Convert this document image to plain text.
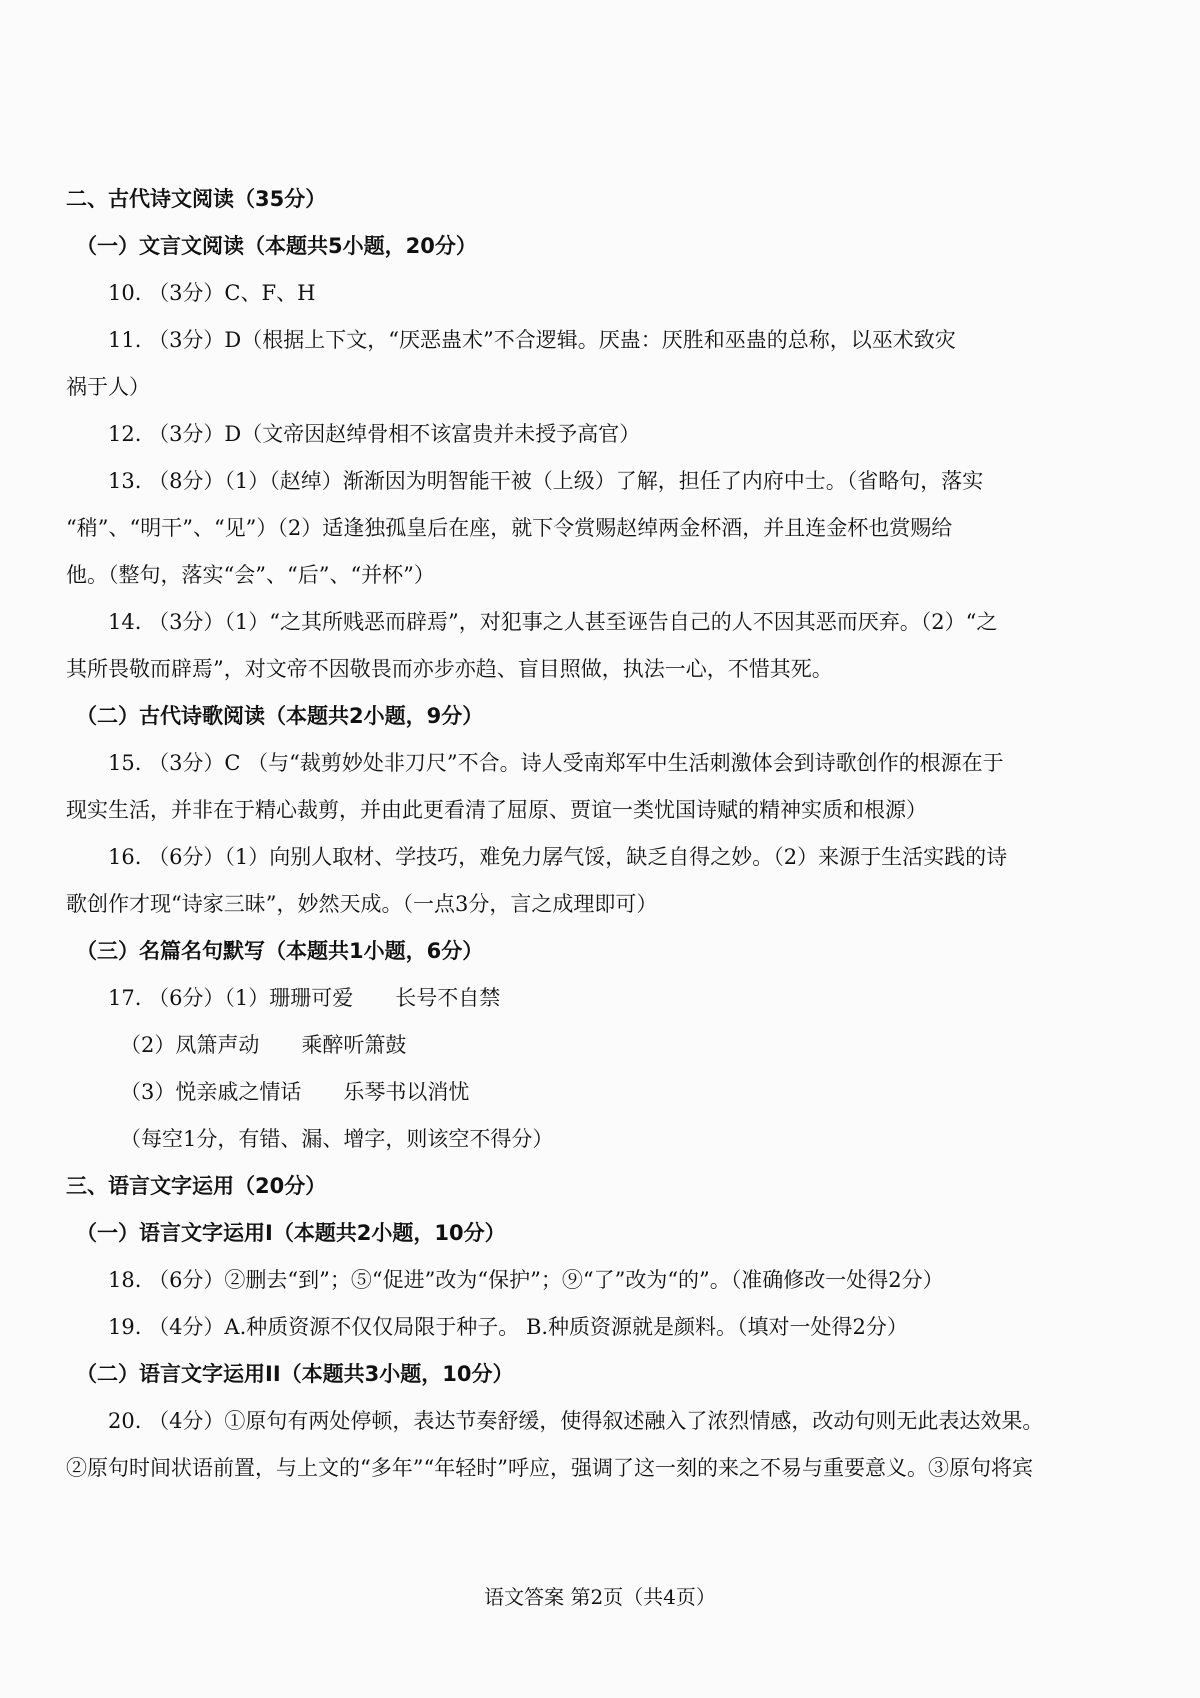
二、古代诗文阅读（35分）
（一）文言文阅读（本题共5小题，20分）
10. （3分）C、F、H
11. （3分）D（根据上下文，“厌恶蛊术”不合逻辑。厌蛊：厌胜和巫蛊的总称，以巫术致灾
祸于人）
12. （3分）D（文帝因赵绰骨相不该富贵并未授予高官）
13. （8分）（1）（赵绰）渐渐因为明智能干被（上级）了解，担任了内府中士。（省略句，落实
“稍”、“明干”、“见”）（2）适逢独孤皇后在座，就下令赏赐赵绰两金杯酒，并且连金杯也赏赐给
他。（整句，落实“会”、“后”、“并杯”）
14. （3分）（1）“之其所贱恶而辟焉”，对犯事之人甚至诬告自己的人不因其恶而厌弃。（2）“之
其所畏敬而辟焉”，对文帝不因敬畏而亦步亦趋、盲目照做，执法一心，不惜其死。
（二）古代诗歌阅读（本题共2小题，9分）
15. （3分）C （与“裁剪妙处非刀尺”不合。诗人受南郑军中生活刺激体会到诗歌创作的根源在于
现实生活，并非在于精心裁剪，并由此更看清了屈原、贾谊一类忧国诗赋的精神实质和根源）
16. （6分）（1）向别人取材、学技巧，难免力孱气馁，缺乏自得之妙。（2）来源于生活实践的诗
歌创作才现“诗家三昧”，妙然天成。（一点3分，言之成理即可）
（三）名篇名句默写（本题共1小题，6分）
17. （6分）（1）珊珊可爱 长号不自禁
（2）凤箫声动 乘醉听箫鼓
（3）悦亲戚之情话 乐琴书以消忧
（每空1分，有错、漏、增字，则该空不得分）
三、语言文字运用（20分）
（一）语言文字运用I（本题共2小题，10分）
18. （6分）②删去“到”；⑤“促进”改为“保护”；⑨“了”改为“的”。（准确修改一处得2分）
19. （4分）A.种质资源不仅仅局限于种子。 B.种质资源就是颜料。（填对一处得2分）
（二）语言文字运用II（本题共3小题，10分）
20. （4分）①原句有两处停顿，表达节奏舒缓，使得叙述融入了浓烈情感，改动句则无此表达效果。
②原句时间状语前置，与上文的“多年”“年轻时”呼应，强调了这一刻的来之不易与重要意义。③原句将宾
语文答案 第2页（共4页）
